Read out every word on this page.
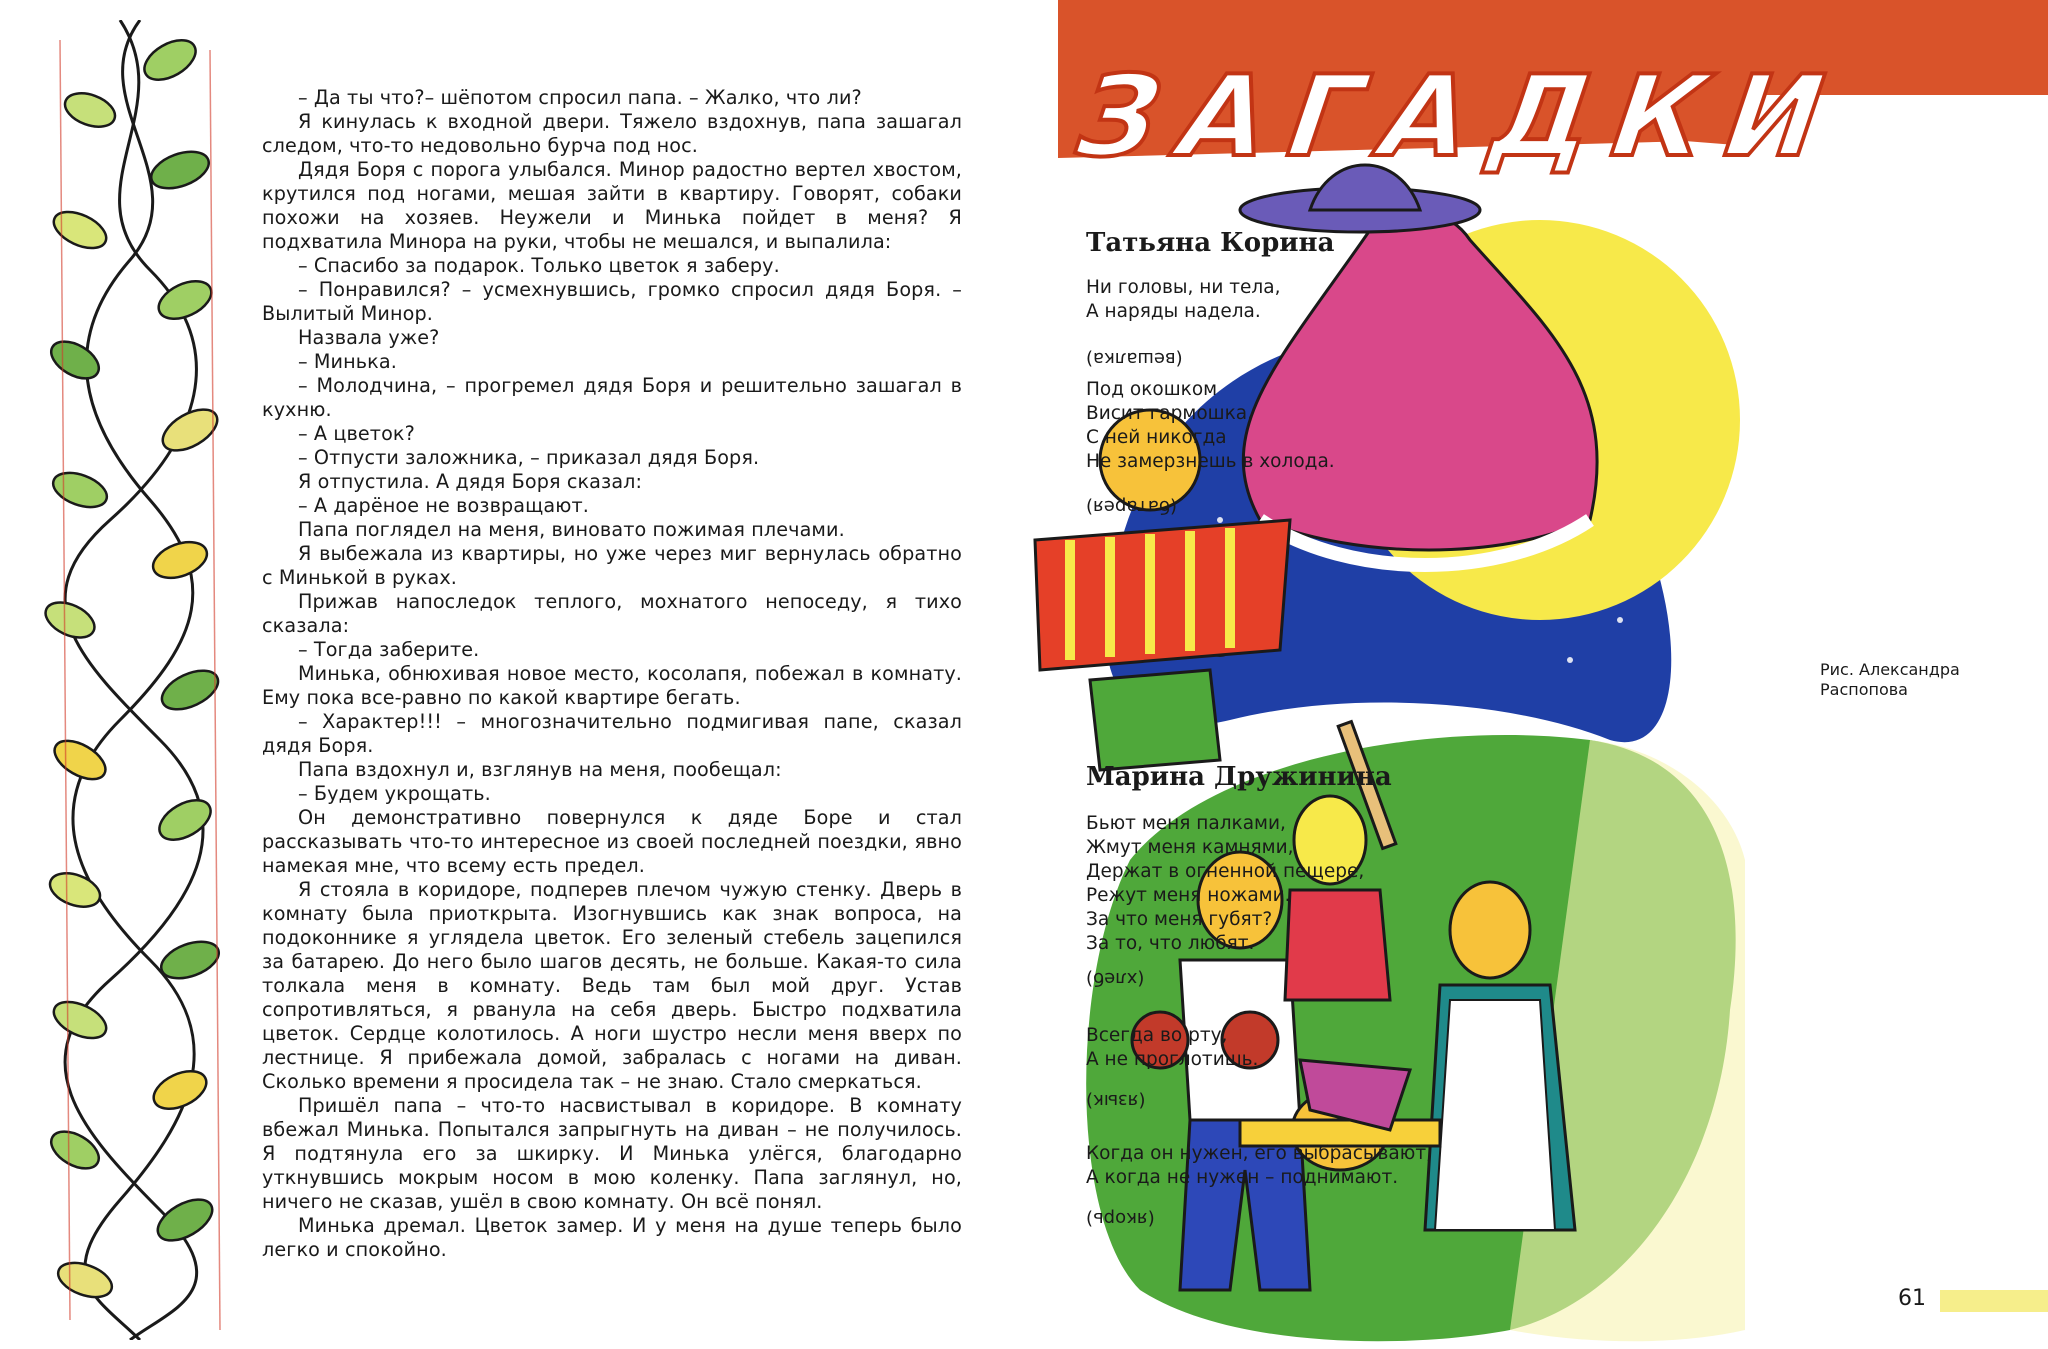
– Да ты что?– шёпотом спросил папа. – Жалко, что ли?

Я кинулась к входной двери. Тяжело вздохнув, папа зашагал следом, что-то недовольно бурча под нос.

Дядя Боря с порога улыбался. Минор радостно вертел хвостом, крутился под ногами, мешая зайти в квартиру. Говорят, собаки похожи на хозяев. Неужели и Минька пойдет в меня? Я подхватила Минора на руки, чтобы не мешался, и выпалила:

– Спасибо за подарок. Только цветок я заберу.

– Понравился? – усмехнувшись, громко спросил дядя Боря. – Вылитый Минор.

Назвала уже?

– Минька.

– Молодчина, – прогремел дядя Боря и решительно зашагал в кухню.

– А цветок?

– Отпусти заложника, – приказал дядя Боря.

Я отпустила. А дядя Боря сказал:

– А дарёное не возвращают.

Папа поглядел на меня, виновато пожимая плечами.

Я выбежала из квартиры, но уже через миг вернулась обратно с Минькой в руках.

Прижав напоследок теплого, мохнатого непоседу, я тихо сказала:

– Тогда заберите.

Минька, обнюхивая новое место, косолапя, побежал в комнату. Ему пока все-равно по какой квартире бегать.

– Характер!!! – многозначительно подмигивая папе, сказал дядя Боря.

Папа вздохнул и, взглянув на меня, пообещал:

– Будем укрощать.

Он демонстративно повернулся к дяде Боре и стал рассказывать что-то интересное из своей последней поездки, явно намекая мне, что всему есть предел.

Я стояла в коридоре, подперев плечом чужую стенку. Дверь в комнату была приоткрыта. Изогнувшись как знак вопроса, на подоконнике я углядела цветок. Его зеленый стебель зацепился за батарею. До него было шагов десять, не больше. Какая-то сила толкала меня в комнату. Ведь там был мой друг. Устав сопротивляться, я рванула на себя дверь. Быстро подхватила цветок. Сердце колотилось. А ноги шустро несли меня вверх по лестнице. Я прибежала домой, забралась с ногами на диван. Сколько времени я просидела так – не знаю. Стало смеркаться.

Пришёл папа – что-то насвистывал в коридоре. В комнату вбежал Минька. Попытался запрыгнуть на диван – не получилось. Я подтянула его за шкирку. И Минька улёгся, благодарно уткнувшись мокрым носом в мою коленку. Папа заглянул, но, ничего не сказав, ушёл в свою комнату. Он всё понял.

Минька дремал. Цветок замер. И у меня на душе теперь было легко и спокойно.

ЗАГАДКИ
Татьяна Корина
Ни головы, ни тела,
А наряды надела.
(вешалка)
Под окошком
Висит гармошка.
С ней никогда
Не замерзнешь в холода.
(батарея)
Рис. Александра
Распопова
Марина Дружинина
Бьют меня палками,
Жмут меня камнями,
Держат в огненной пещере,
Режут меня ножами.
За что меня губят?
За то, что любят.
(хлеб)
Всегда во рту,
А не проглотишь.
(язык)
Когда он нужен, его выбрасывают,
А когда не нужен – поднимают.
(якорь)
61
